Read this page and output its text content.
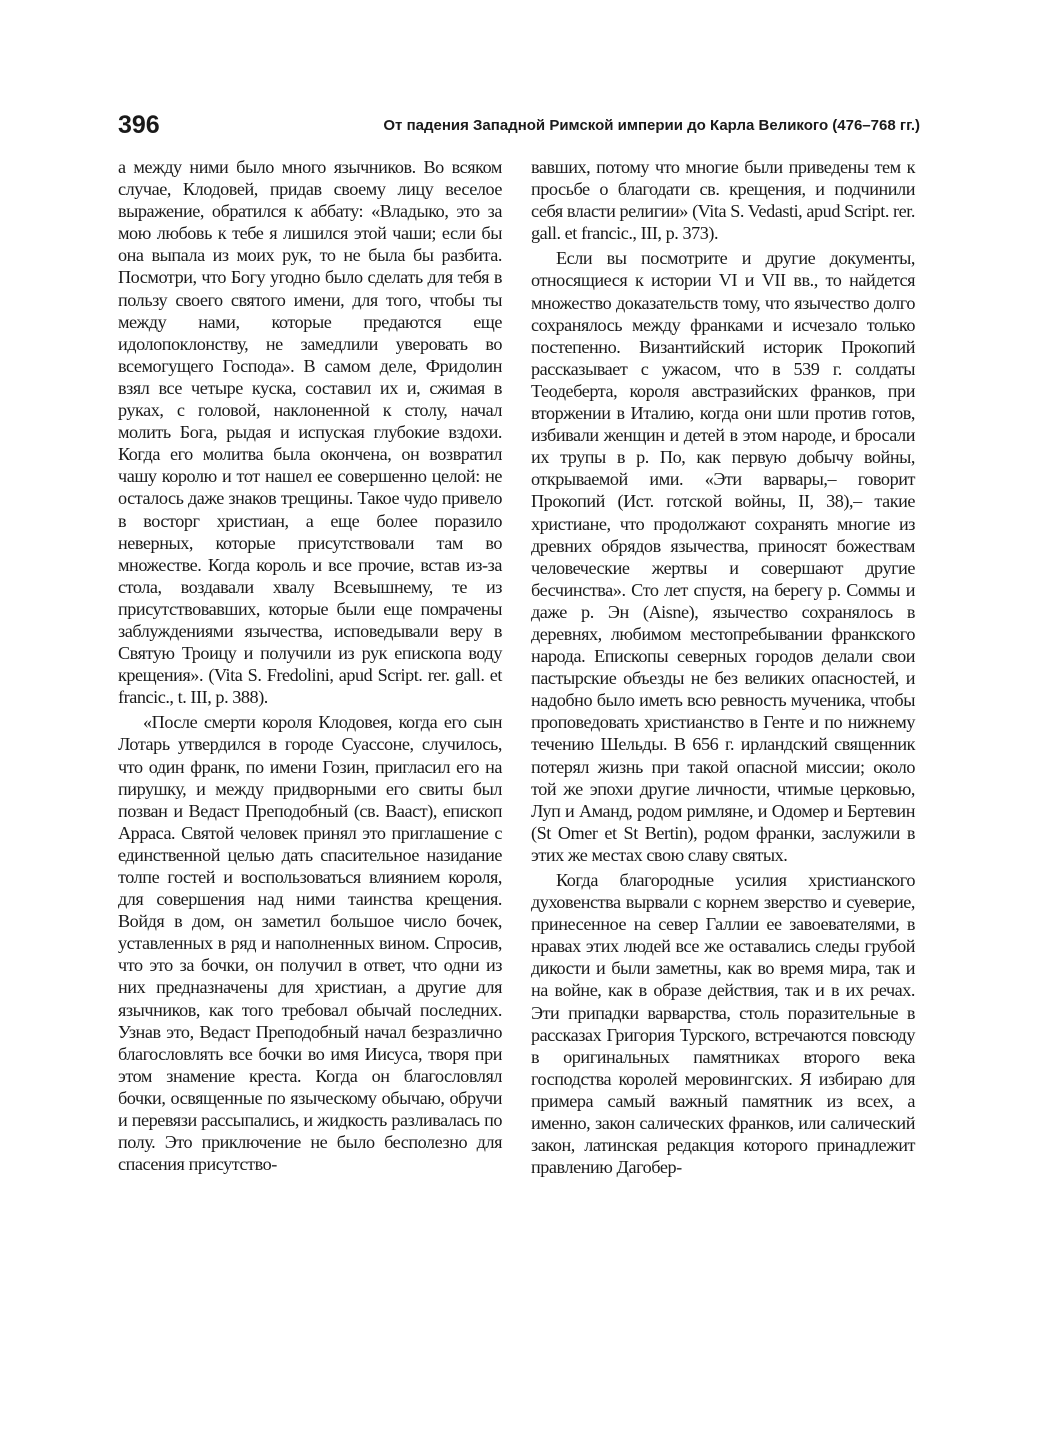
396	От падения Западной Римской империи до Карла Великого (476–768 гг.)

а между ними было много язычников. Во всяком случае, Клодовей, придав своему лицу веселое выражение, обратился к аббату: «Владыко, это за мою любовь к тебе я лишился этой чаши; если бы она выпала из моих рук, то не была бы разбита. Посмотри, что Богу угодно было сделать для тебя в пользу своего святого имени, для того, чтобы ты между нами, которые предаются еще идолопоклонству, не замедлили уверовать во всемогущего Господа». В самом деле, Фридолин взял все четыре куска, составил их и, сжимая в руках, с головой, наклоненной к столу, начал молить Бога, рыдая и испуская глубокие вздохи. Когда его молитва была окончена, он возвратил чашу королю и тот нашел ее совершенно целой: не осталось даже знаков трещины. Такое чудо привело в восторг христиан, а еще более поразило неверных, которые присутствовали там во множестве. Когда король и все прочие, встав из-за стола, воздавали хвалу Всевышнему, те из присутствовавших, которые были еще помрачены заблуждениями язычества, исповедывали веру в Святую Троицу и получили из рук епископа воду крещения». (Vita S. Fredolini, apud Script. rer. gall. et francic., t. III, p. 388).

«После смерти короля Клодовея, когда его сын Лотарь утвердился в городе Суассоне, случилось, что один франк, по имени Гозин, пригласил его на пирушку, и между придворными его свиты был позван и Ведаст Преподобный (св. Вааст), епископ Арраса. Святой человек принял это приглашение с единственной целью дать спасительное назидание толпе гостей и воспользоваться влиянием короля, для совершения над ними таинства крещения. Войдя в дом, он заметил большое число бочек, уставленных в ряд и наполненных вином. Спросив, что это за бочки, он получил в ответ, что одни из них предназначены для христиан, а другие для язычников, как того требовал обычай последних. Узнав это, Ведаст Преподобный начал безразлично благословлять все бочки во имя Иисуса, творя при этом знамение креста. Когда он благословлял бочки, освященные по языческому обычаю, обручи и перевязи рассыпались, и жидкость разливалась по полу. Это приключение не было бесполезно для спасения присутство-

вавших, потому что многие были приведены тем к просьбе о благодати св. крещения, и подчинили себя власти религии» (Vita S. Vedasti, apud Script. rer. gall. et francic., III, p. 373).

Если вы посмотрите и другие документы, относящиеся к истории VI и VII вв., то найдется множество доказательств тому, что язычество долго сохранялось между франками и исчезало только постепенно. Византийский историк Прокопий рассказывает с ужасом, что в 539 г. солдаты Теодеберта, короля австразийских франков, при вторжении в Италию, когда они шли против готов, избивали женщин и детей в этом народе, и бросали их трупы в р. По, как первую добычу войны, открываемой ими. «Эти варвары,– говорит Прокопий (Ист. готской войны, II, 38),– такие христиане, что продолжают сохранять многие из древних обрядов язычества, приносят божествам человеческие жертвы и совершают другие бесчинства». Сто лет спустя, на берегу р. Соммы и даже р. Эн (Aisne), язычество сохранялось в деревнях, любимом местопребывании франкского народа. Епископы северных городов делали свои пастырские объезды не без великих опасностей, и надобно было иметь всю ревность мученика, чтобы проповедовать христианство в Генте и по нижнему течению Шельды. В 656 г. ирландский священник потерял жизнь при такой опасной миссии; около той же эпохи другие личности, чтимые церковью, Луп и Аманд, родом римляне, и Одомер и Бертевин (St Omer et St Bertin), родом франки, заслужили в этих же местах свою славу святых.

Когда благородные усилия христианского духовенства вырвали с корнем зверство и суеверие, принесенное на север Галлии ее завоевателями, в нравах этих людей все же оставались следы грубой дикости и были заметны, как во время мира, так и на войне, как в образе действия, так и в их речах. Эти припадки варварства, столь поразительные в рассказах Григория Турского, встречаются повсюду в оригинальных памятниках второго века господства королей меровингских. Я избираю для примера самый важный памятник из всех, а именно, закон салических франков, или салический закон, латинская редакция которого принадлежит правлению Дагобер-
